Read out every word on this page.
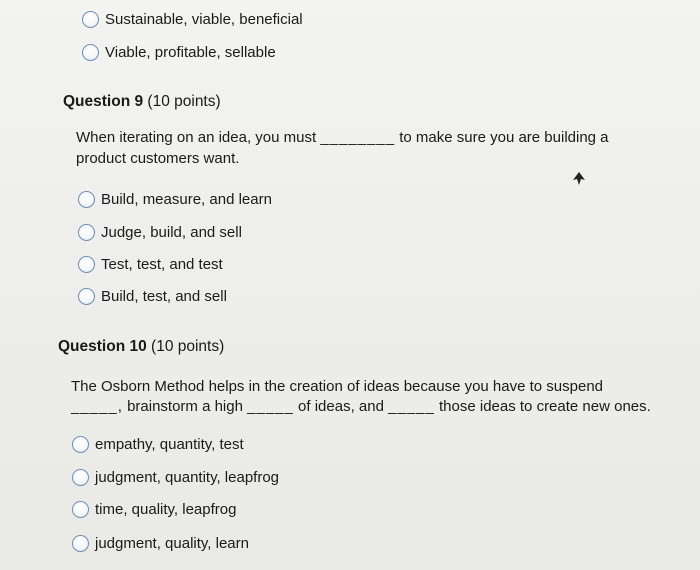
Sustainable, viable, beneficial
Viable, profitable, sellable
Question 9 (10 points)
When iterating on an idea, you must ________ to make sure you are building a
product customers want.
Build, measure, and learn
Judge, build, and sell
Test, test, and test
Build, test, and sell
Question 10 (10 points)
The Osborn Method helps in the creation of ideas because you have to suspend
_____, brainstorm a high _____ of ideas, and _____ those ideas to create new ones.
empathy, quantity, test
judgment, quantity, leapfrog
time, quality, leapfrog
judgment, quality, learn
